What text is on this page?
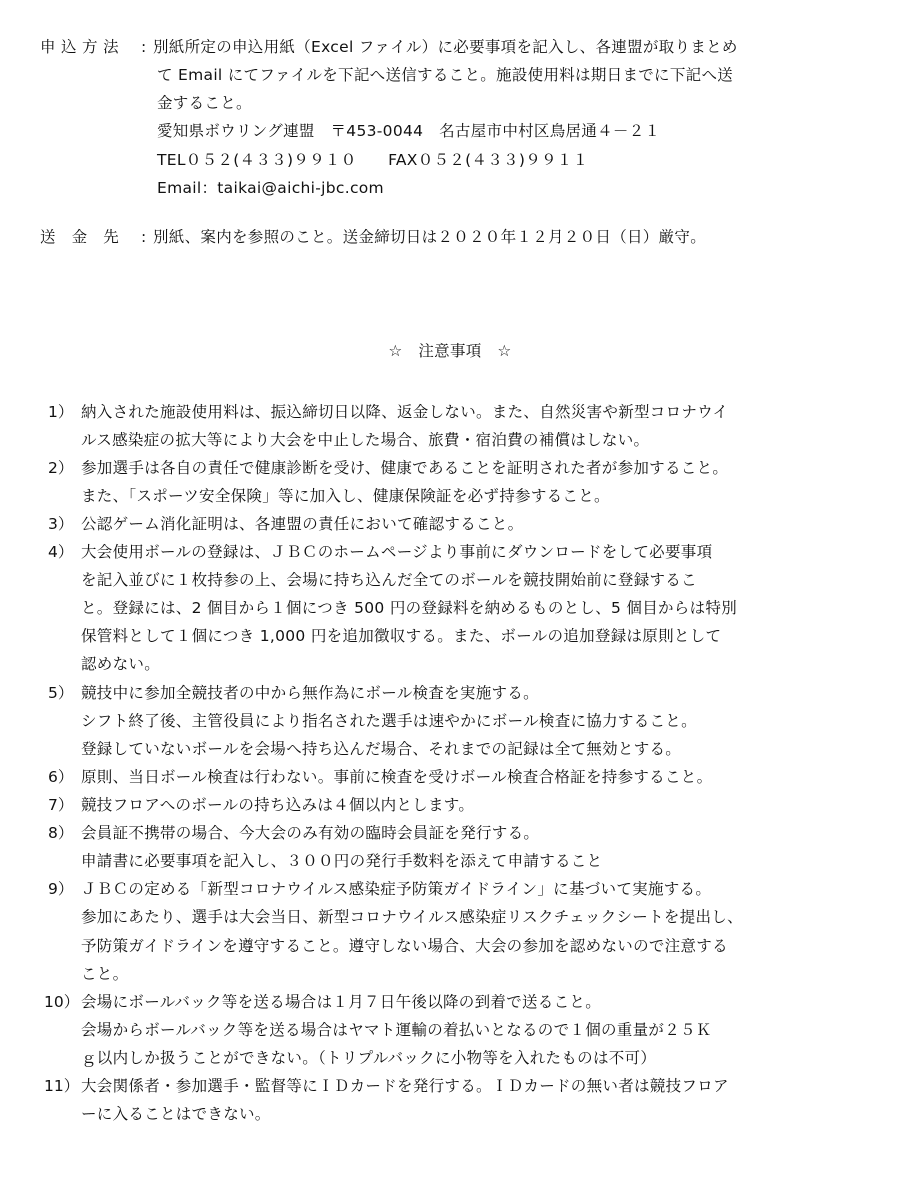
申 込 方 法 : 別紙所定の申込用紙（Excel ファイル）に必要事項を記入し、各連盟が取りまとめ
て Email にてファイルを下記へ送信すること。施設使用料は期日までに下記へ送
金すること。
愛知県ボウリング連盟　〒453-0044　名古屋市中村区鳥居通４－２１
TEL０５２(４３３)９９１０　　FAX０５２(４３３)９９１１
Email：taikai@aichi-jbc.com
送　金　先 : 別紙、案内を参照のこと。送金締切日は２０２０年１２月２０日（日）厳守。
☆　注意事項　☆
1） 納入された施設使用料は、振込締切日以降、返金しない。また、自然災害や新型コロナウイ
ルス感染症の拡大等により大会を中止した場合、旅費・宿泊費の補償はしない。
2） 参加選手は各自の責任で健康診断を受け、健康であることを証明された者が参加すること。
また、「スポーツ安全保険」等に加入し、健康保険証を必ず持参すること。
3） 公認ゲーム消化証明は、各連盟の責任において確認すること。
4） 大会使用ボールの登録は、ＪＢＣのホームページより事前にダウンロードをして必要事項
を記入並びに１枚持参の上、会場に持ち込んだ全てのボールを競技開始前に登録するこ
と。登録には、2 個目から１個につき 500 円の登録料を納めるものとし、5 個目からは特別
保管料として１個につき 1,000 円を追加徴収する。また、ボールの追加登録は原則として
認めない。
5） 競技中に参加全競技者の中から無作為にボール検査を実施する。
シフト終了後、主管役員により指名された選手は速やかにボール検査に協力すること。
登録していないボールを会場へ持ち込んだ場合、それまでの記録は全て無効とする。
6） 原則、当日ボール検査は行わない。事前に検査を受けボール検査合格証を持参すること。
7） 競技フロアへのボールの持ち込みは４個以内とします。
8） 会員証不携帯の場合、今大会のみ有効の臨時会員証を発行する。
申請書に必要事項を記入し、３００円の発行手数料を添えて申請すること
9） ＪＢＣの定める「新型コロナウイルス感染症予防策ガイドライン」に基づいて実施する。
参加にあたり、選手は大会当日、新型コロナウイルス感染症リスクチェックシートを提出し、
予防策ガイドラインを遵守すること。遵守しない場合、大会の参加を認めないので注意する
こと。
10） 会場にボールバック等を送る場合は１月７日午後以降の到着で送ること。
会場からボールバック等を送る場合はヤマト運輸の着払いとなるので１個の重量が２５Ｋ
ｇ以内しか扱うことができない。（トリプルバックに小物等を入れたものは不可）
11） 大会関係者・参加選手・監督等にＩＤカードを発行する。ＩＤカードの無い者は競技フロア
ーに入ることはできない。
